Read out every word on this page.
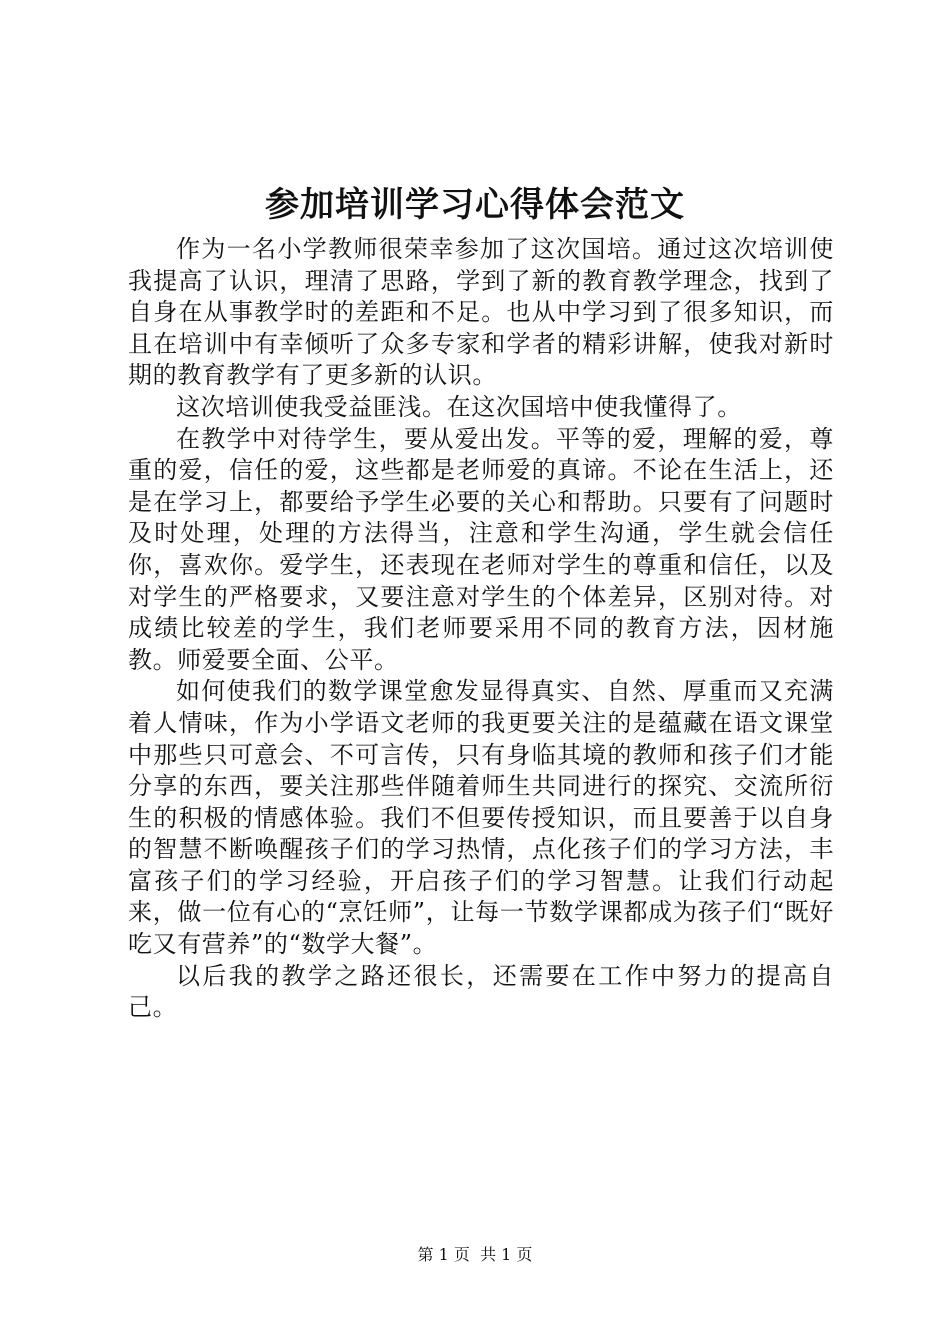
参加培训学习心得体会范文

作为一名小学教师很荣幸参加了这次国培。通过这次培训使我提高了认识，理清了思路，学到了新的教育教学理念，找到了自身在从事教学时的差距和不足。也从中学习到了很多知识，而且在培训中有幸倾听了众多专家和学者的精彩讲解，使我对新时期的教育教学有了更多新的认识。

这次培训使我受益匪浅。在这次国培中使我懂得了。

在教学中对待学生，要从爱出发。平等的爱，理解的爱，尊重的爱，信任的爱，这些都是老师爱的真谛。不论在生活上，还是在学习上，都要给予学生必要的关心和帮助。只要有了问题时及时处理，处理的方法得当，注意和学生沟通，学生就会信任你，喜欢你。爱学生，还表现在老师对学生的尊重和信任，以及对学生的严格要求，又要注意对学生的个体差异，区别对待。对成绩比较差的学生，我们老师要采用不同的教育方法，因材施教。师爱要全面、公平。

如何使我们的数学课堂愈发显得真实、自然、厚重而又充满着人情味，作为小学语文老师的我更要关注的是蕴藏在语文课堂中那些只可意会、不可言传，只有身临其境的教师和孩子们才能分享的东西，要关注那些伴随着师生共同进行的探究、交流所衍生的积极的情感体验。我们不但要传授知识，而且要善于以自身的智慧不断唤醒孩子们的学习热情，点化孩子们的学习方法，丰富孩子们的学习经验，开启孩子们的学习智慧。让我们行动起来，做一位有心的“烹饪师”，让每一节数学课都成为孩子们“既好吃又有营养”的“数学大餐”。

以后我的教学之路还很长，还需要在工作中努力的提高自己。

第 1 页  共 1 页
